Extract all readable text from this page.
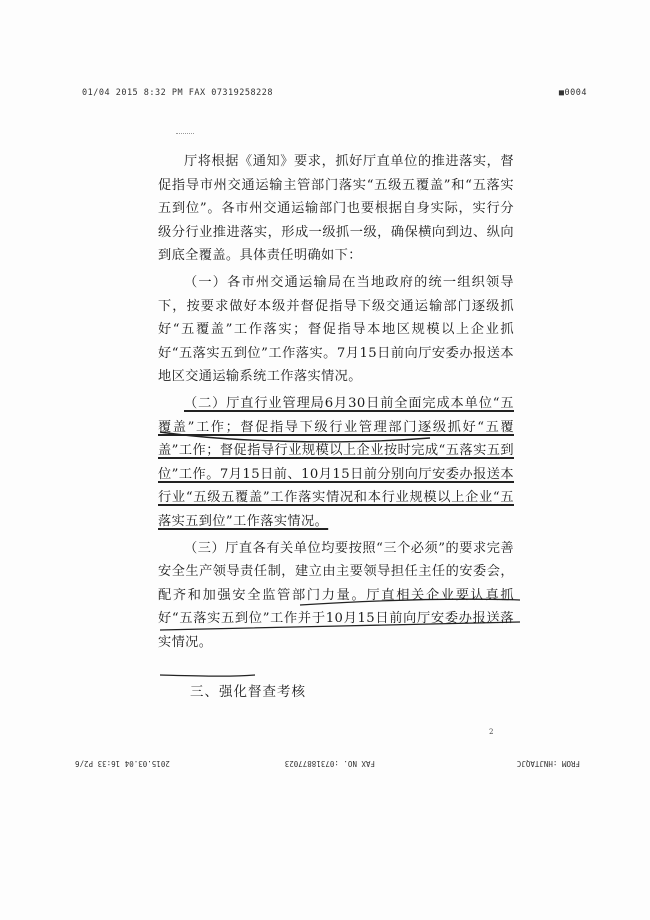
01/04 2015 8:32 PM FAX 07319258228	■0004

厅将根据《通知》要求，抓好厅直单位的推进落实，督促指导市州交通运输主管部门落实“五级五覆盖”和“五落实五到位”。各市州交通运输部门也要根据自身实际，实行分级分行业推进落实，形成一级抓一级，确保横向到边、纵向到底全覆盖。具体责任明确如下：

（一）各市州交通运输局在当地政府的统一组织领导下，按要求做好本级并督促指导下级交通运输部门逐级抓好“五覆盖”工作落实；督促指导本地区规模以上企业抓好“五落实五到位”工作落实。7月15日前向厅安委办报送本地区交通运输系统工作落实情况。

（二）厅直行业管理局6月30日前全面完成本单位“五覆盖”工作；督促指导下级行业管理部门逐级抓好“五覆盖”工作；督促指导行业规模以上企业按时完成“五落实五到位”工作。7月15日前、10月15日前分别向厅安委办报送本行业“五级五覆盖”工作落实情况和本行业规模以上企业“五落实五到位”工作落实情况。

（三）厅直各有关单位均要按照“三个必须”的要求完善安全生产领导责任制，建立由主要领导担任主任的安委会，配齐和加强安全监管部门力量。厅直相关企业要认真抓好“五落实五到位”工作并于10月15日前向厅安委办报送落实情况。

三、强化督查考核
2
FROM :HNJTAQJC
FAX NO. :07318877023
2015.03.04 16:33 P2/6
